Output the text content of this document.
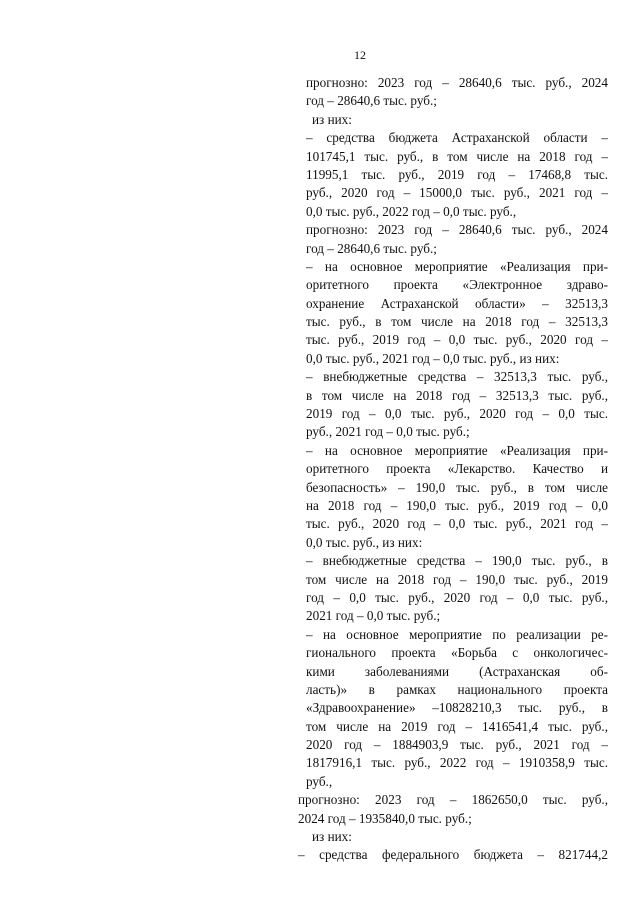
12
прогнозно: 2023 год – 28640,6 тыс. руб., 2024
год – 28640,6 тыс. руб.;
из них:
– средства бюджета Астраханской области –
101745,1 тыс. руб., в том числе на 2018 год –
11995,1 тыс. руб., 2019 год – 17468,8 тыс.
руб., 2020 год – 15000,0 тыс. руб., 2021 год –
0,0 тыс. руб., 2022 год – 0,0 тыс. руб.,
прогнозно: 2023 год – 28640,6 тыс. руб., 2024
год – 28640,6 тыс. руб.;
– на основное мероприятие «Реализация при-
оритетного проекта «Электронное здраво-
охранение Астраханской области» – 32513,3
тыс. руб., в том числе на 2018 год – 32513,3
тыс. руб., 2019 год – 0,0 тыс. руб., 2020 год –
0,0 тыс. руб., 2021 год – 0,0 тыс. руб., из них:
– внебюджетные средства – 32513,3 тыс. руб.,
в том числе на 2018 год – 32513,3 тыс. руб.,
2019 год – 0,0 тыс. руб., 2020 год – 0,0 тыс.
руб., 2021 год – 0,0 тыс. руб.;
– на основное мероприятие «Реализация при-
оритетного проекта «Лекарство. Качество и
безопасность» – 190,0 тыс. руб., в том числе
на 2018 год – 190,0 тыс. руб., 2019 год – 0,0
тыс. руб., 2020 год – 0,0 тыс. руб., 2021 год –
0,0 тыс. руб., из них:
– внебюджетные средства – 190,0 тыс. руб., в
том числе на 2018 год – 190,0 тыс. руб., 2019
год – 0,0 тыс. руб., 2020 год – 0,0 тыс. руб.,
2021 год – 0,0 тыс. руб.;
– на основное мероприятие по реализации ре-
гионального проекта «Борьба с онкологичес-
кими заболеваниями (Астраханская об-
ласть)» в рамках национального проекта
«Здравоохранение» –10828210,3 тыс. руб., в
том числе на 2019 год – 1416541,4 тыс. руб.,
2020 год – 1884903,9 тыс. руб., 2021 год –
1817916,1 тыс. руб., 2022 год – 1910358,9 тыс.
руб.,
прогнозно: 2023 год – 1862650,0 тыс. руб.,
2024 год – 1935840,0 тыс. руб.;
из них:
– средства федерального бюджета – 821744,2
